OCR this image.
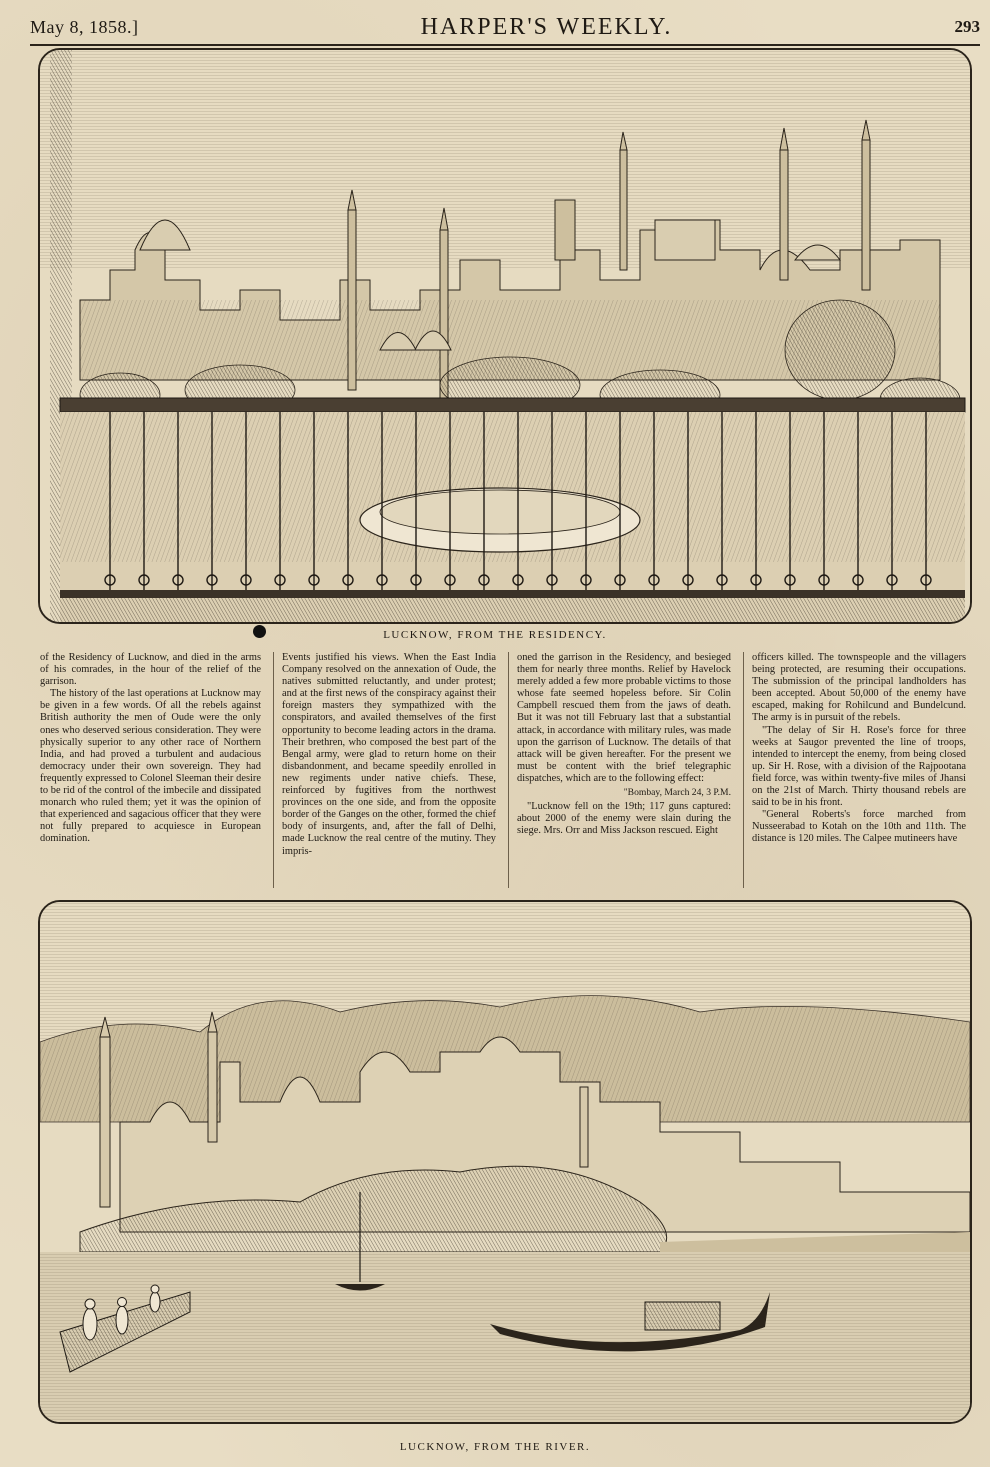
May 8, 1858.]	HARPER'S WEEKLY.	293
LUCKNOW, FROM THE RESIDENCY.

of the Residency of Lucknow, and died in the arms of his comrades, in the hour of the relief of the garrison.

The history of the last operations at Lucknow may be given in a few words. Of all the rebels against British authority the men of Oude were the only ones who deserved serious consideration. They were physically superior to any other race of Northern India, and had proved a turbulent and audacious democracy under their own sovereign. They had frequently expressed to Colonel Sleeman their desire to be rid of the control of the imbecile and dissipated monarch who ruled them; yet it was the opinion of that experienced and sagacious officer that they were not fully prepared to acquiesce in European domination.

Events justified his views. When the East India Company resolved on the annexation of Oude, the natives submitted reluctantly, and under protest; and at the first news of the conspiracy against their foreign masters they sympathized with the conspirators, and availed themselves of the first opportunity to become leading actors in the drama. Their brethren, who composed the best part of the Bengal army, were glad to return home on their disbandonment, and became speedily enrolled in new regiments under native chiefs. These, reinforced by fugitives from the northwest provinces on the one side, and from the opposite border of the Ganges on the other, formed the chief body of insurgents, and, after the fall of Delhi, made Lucknow the real centre of the mutiny. They impris-

oned the garrison in the Residency, and besieged them for nearly three months. Relief by Havelock merely added a few more probable victims to those whose fate seemed hopeless before. Sir Colin Campbell rescued them from the jaws of death. But it was not till February last that a substantial attack, in accordance with military rules, was made upon the garrison of Lucknow. The details of that attack will be given hereafter. For the present we must be content with the brief telegraphic dispatches, which are to the following effect:

"Bombay, March 24, 3 P.M.

"Lucknow fell on the 19th; 117 guns captured: about 2000 of the enemy were slain during the siege. Mrs. Orr and Miss Jackson rescued. Eight

officers killed. The townspeople and the villagers being protected, are resuming their occupations. The submission of the principal landholders has been accepted. About 50,000 of the enemy have escaped, making for Rohilcund and Bundelcund. The army is in pursuit of the rebels.

"The delay of Sir H. Rose's force for three weeks at Saugor prevented the line of troops, intended to intercept the enemy, from being closed up. Sir H. Rose, with a division of the Rajpootana field force, was within twenty-five miles of Jhansi on the 21st of March. Thirty thousand rebels are said to be in his front.

"General Roberts's force marched from Nusseerabad to Kotah on the 10th and 11th. The distance is 120 miles. The Calpee mutineers have

LUCKNOW, FROM THE RIVER.
